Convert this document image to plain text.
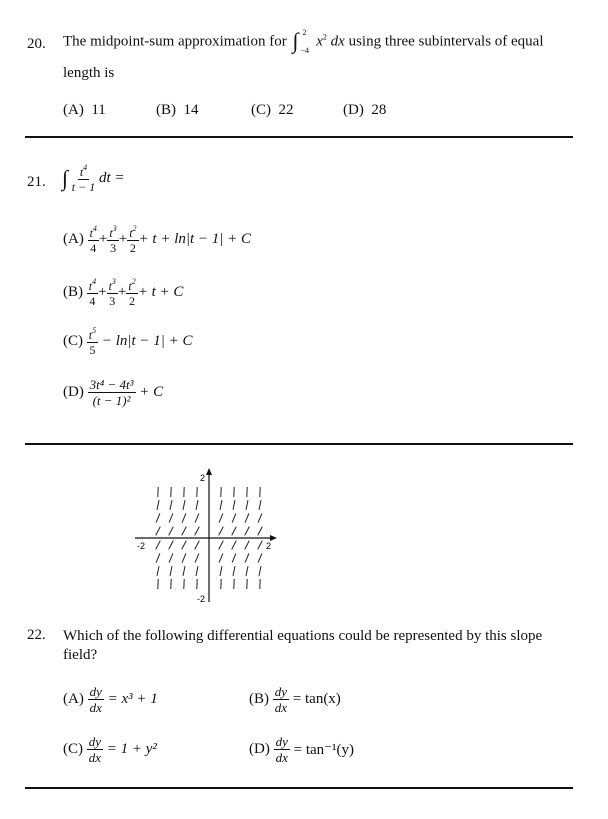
20. The midpoint-sum approximation for ∫ 2
−4
$x^2$ dx using three subintervals of equal
length is
(A) 11	(B) 14	(C) 22	(D) 28
21. ∫ $\frac{t^4}{t - 1}$ dt =
$(A) \frac{t^4}{4} + \frac{t^3}{3} + \frac{t^2}{2} + t + \ln|t - 1| + C$
$(B) \frac{t^4}{4} + \frac{t^3}{3} + \frac{t^2}{2} + t + C$
$(C) \frac{t^5}{5} - \ln|t - 1| + C$
$(D) \frac{\text{3t⁴ − 4t³}}{\text{(t − 1)²}} + C$
2
-2
-2	2
22. Which of the following differential equations could be represented by this slope field?
$(A) \frac{dy}{dx} = x^3 + 1$	$(B) \frac{dy}{dx} = \tan(x)$
$(C) \frac{dy}{dx} = 1 + y^2$	$(D) \frac{dy}{dx} = \tan^{-1}(y)$
